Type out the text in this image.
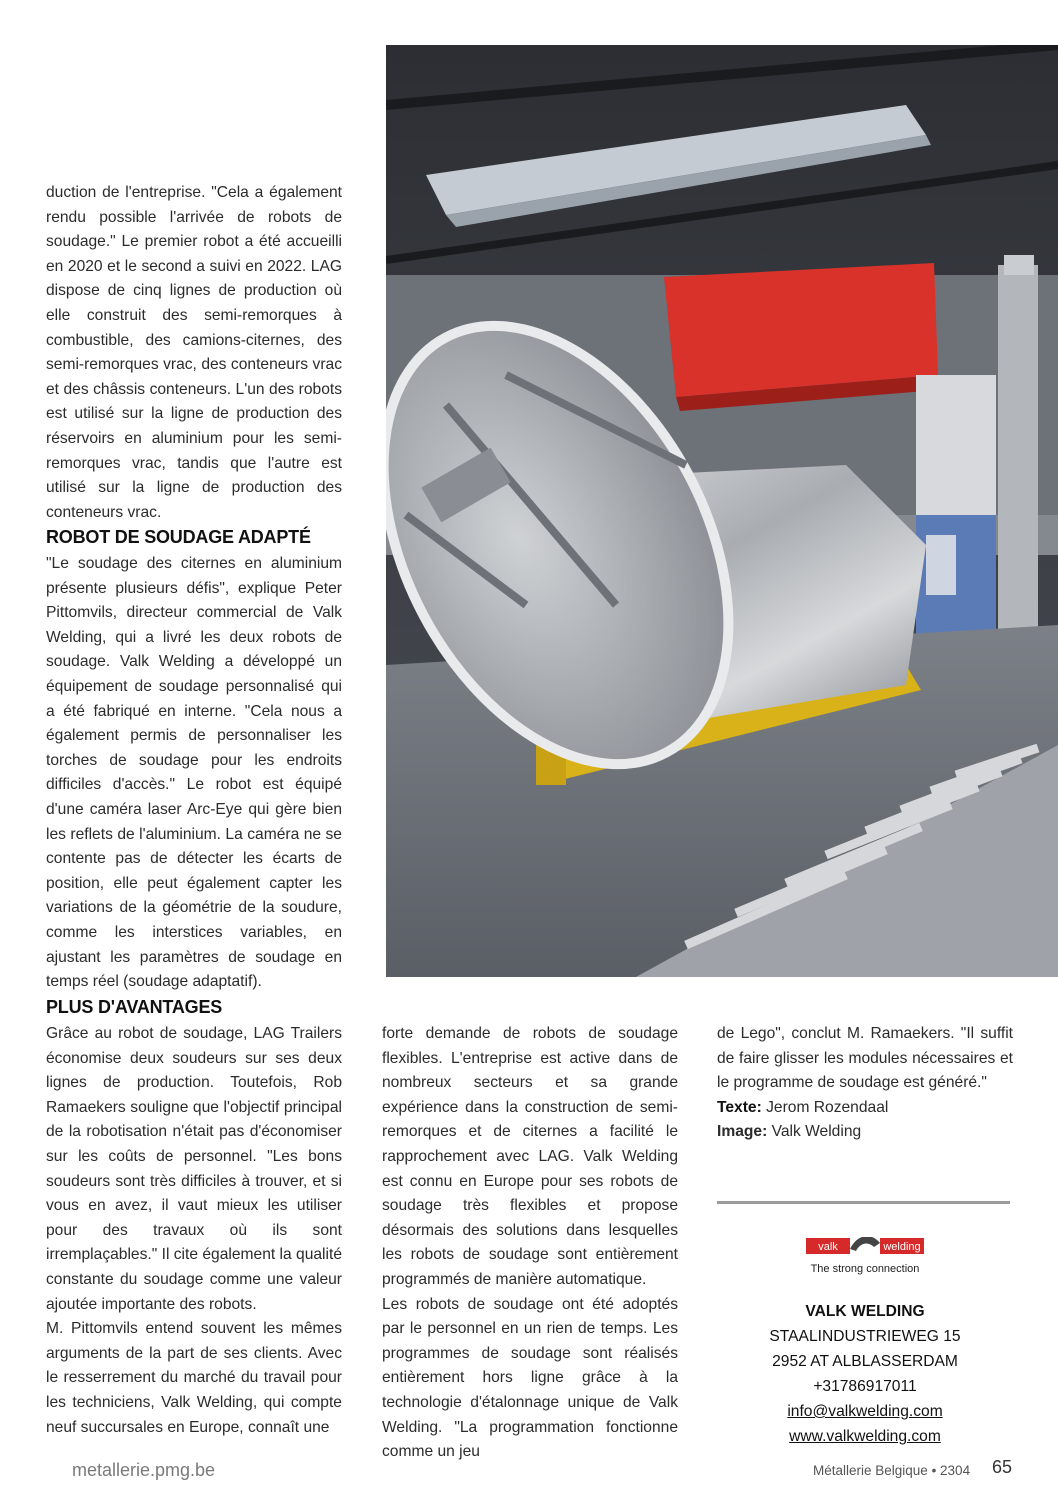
duction de l'entreprise. "Cela a également rendu possible l'arrivée de robots de soudage." Le premier robot a été accueilli en 2020 et le second a suivi en 2022. LAG dispose de cinq lignes de production où elle construit des semi-remorques à combustible, des camions-citernes, des semi-remorques vrac, des conteneurs vrac et des châssis conteneurs. L'un des robots est utilisé sur la ligne de production des réservoirs en aluminium pour les semi-remorques vrac, tandis que l'autre est utilisé sur la ligne de production des conteneurs vrac.

ROBOT DE SOUDAGE ADAPTÉ

"Le soudage des citernes en aluminium présente plusieurs défis", explique Peter Pittomvils, directeur commercial de Valk Welding, qui a livré les deux robots de soudage. Valk Welding a développé un équipement de soudage personnalisé qui a été fabriqué en interne. "Cela nous a également permis de personnaliser les torches de soudage pour les endroits difficiles d'accès." Le robot est équipé d'une caméra laser Arc-Eye qui gère bien les reflets de l'aluminium. La caméra ne se contente pas de détecter les écarts de position, elle peut également capter les variations de la géométrie de la soudure, comme les interstices variables, en ajustant les paramètres de soudage en temps réel (soudage adaptatif).

PLUS D'AVANTAGES

Grâce au robot de soudage, LAG Trailers économise deux soudeurs sur ses deux lignes de production. Toutefois, Rob Ramaekers souligne que l'objectif principal de la robotisation n'était pas d'économiser sur les coûts de personnel. "Les bons soudeurs sont très difficiles à trouver, et si vous en avez, il vaut mieux les utiliser pour des travaux où ils sont irremplaçables." Il cite également la qualité constante du soudage comme une valeur ajoutée importante des robots.

M. Pittomvils entend souvent les mêmes arguments de la part de ses clients. Avec le resserrement du marché du travail pour les techniciens, Valk Welding, qui compte neuf succursales en Europe, connaît une

forte demande de robots de soudage flexibles. L'entreprise est active dans de nombreux secteurs et sa grande expérience dans la construction de semi-remorques et de citernes a facilité le rapprochement avec LAG. Valk Welding est connu en Europe pour ses robots de soudage très flexibles et propose désormais des solutions dans lesquelles les robots de soudage sont entièrement programmés de manière automatique.

Les robots de soudage ont été adoptés par le personnel en un rien de temps. Les programmes de soudage sont réalisés entièrement hors ligne grâce à la technologie d'étalonnage unique de Valk Welding. "La programmation fonctionne comme un jeu

de Lego", conclut M. Ramaekers. "Il suffit de faire glisser les modules nécessaires et le programme de soudage est généré."

Texte: Jerom Rozendaal

Image: Valk Welding

valk	welding
The strong connection
VALK WELDING
STAALINDUSTRIEWEG 15
2952 AT ALBLASSERDAM
+31786917011
info@valkwelding.com
www.valkwelding.com
metallerie.pmg.be	Métallerie Belgique • 2304 65
